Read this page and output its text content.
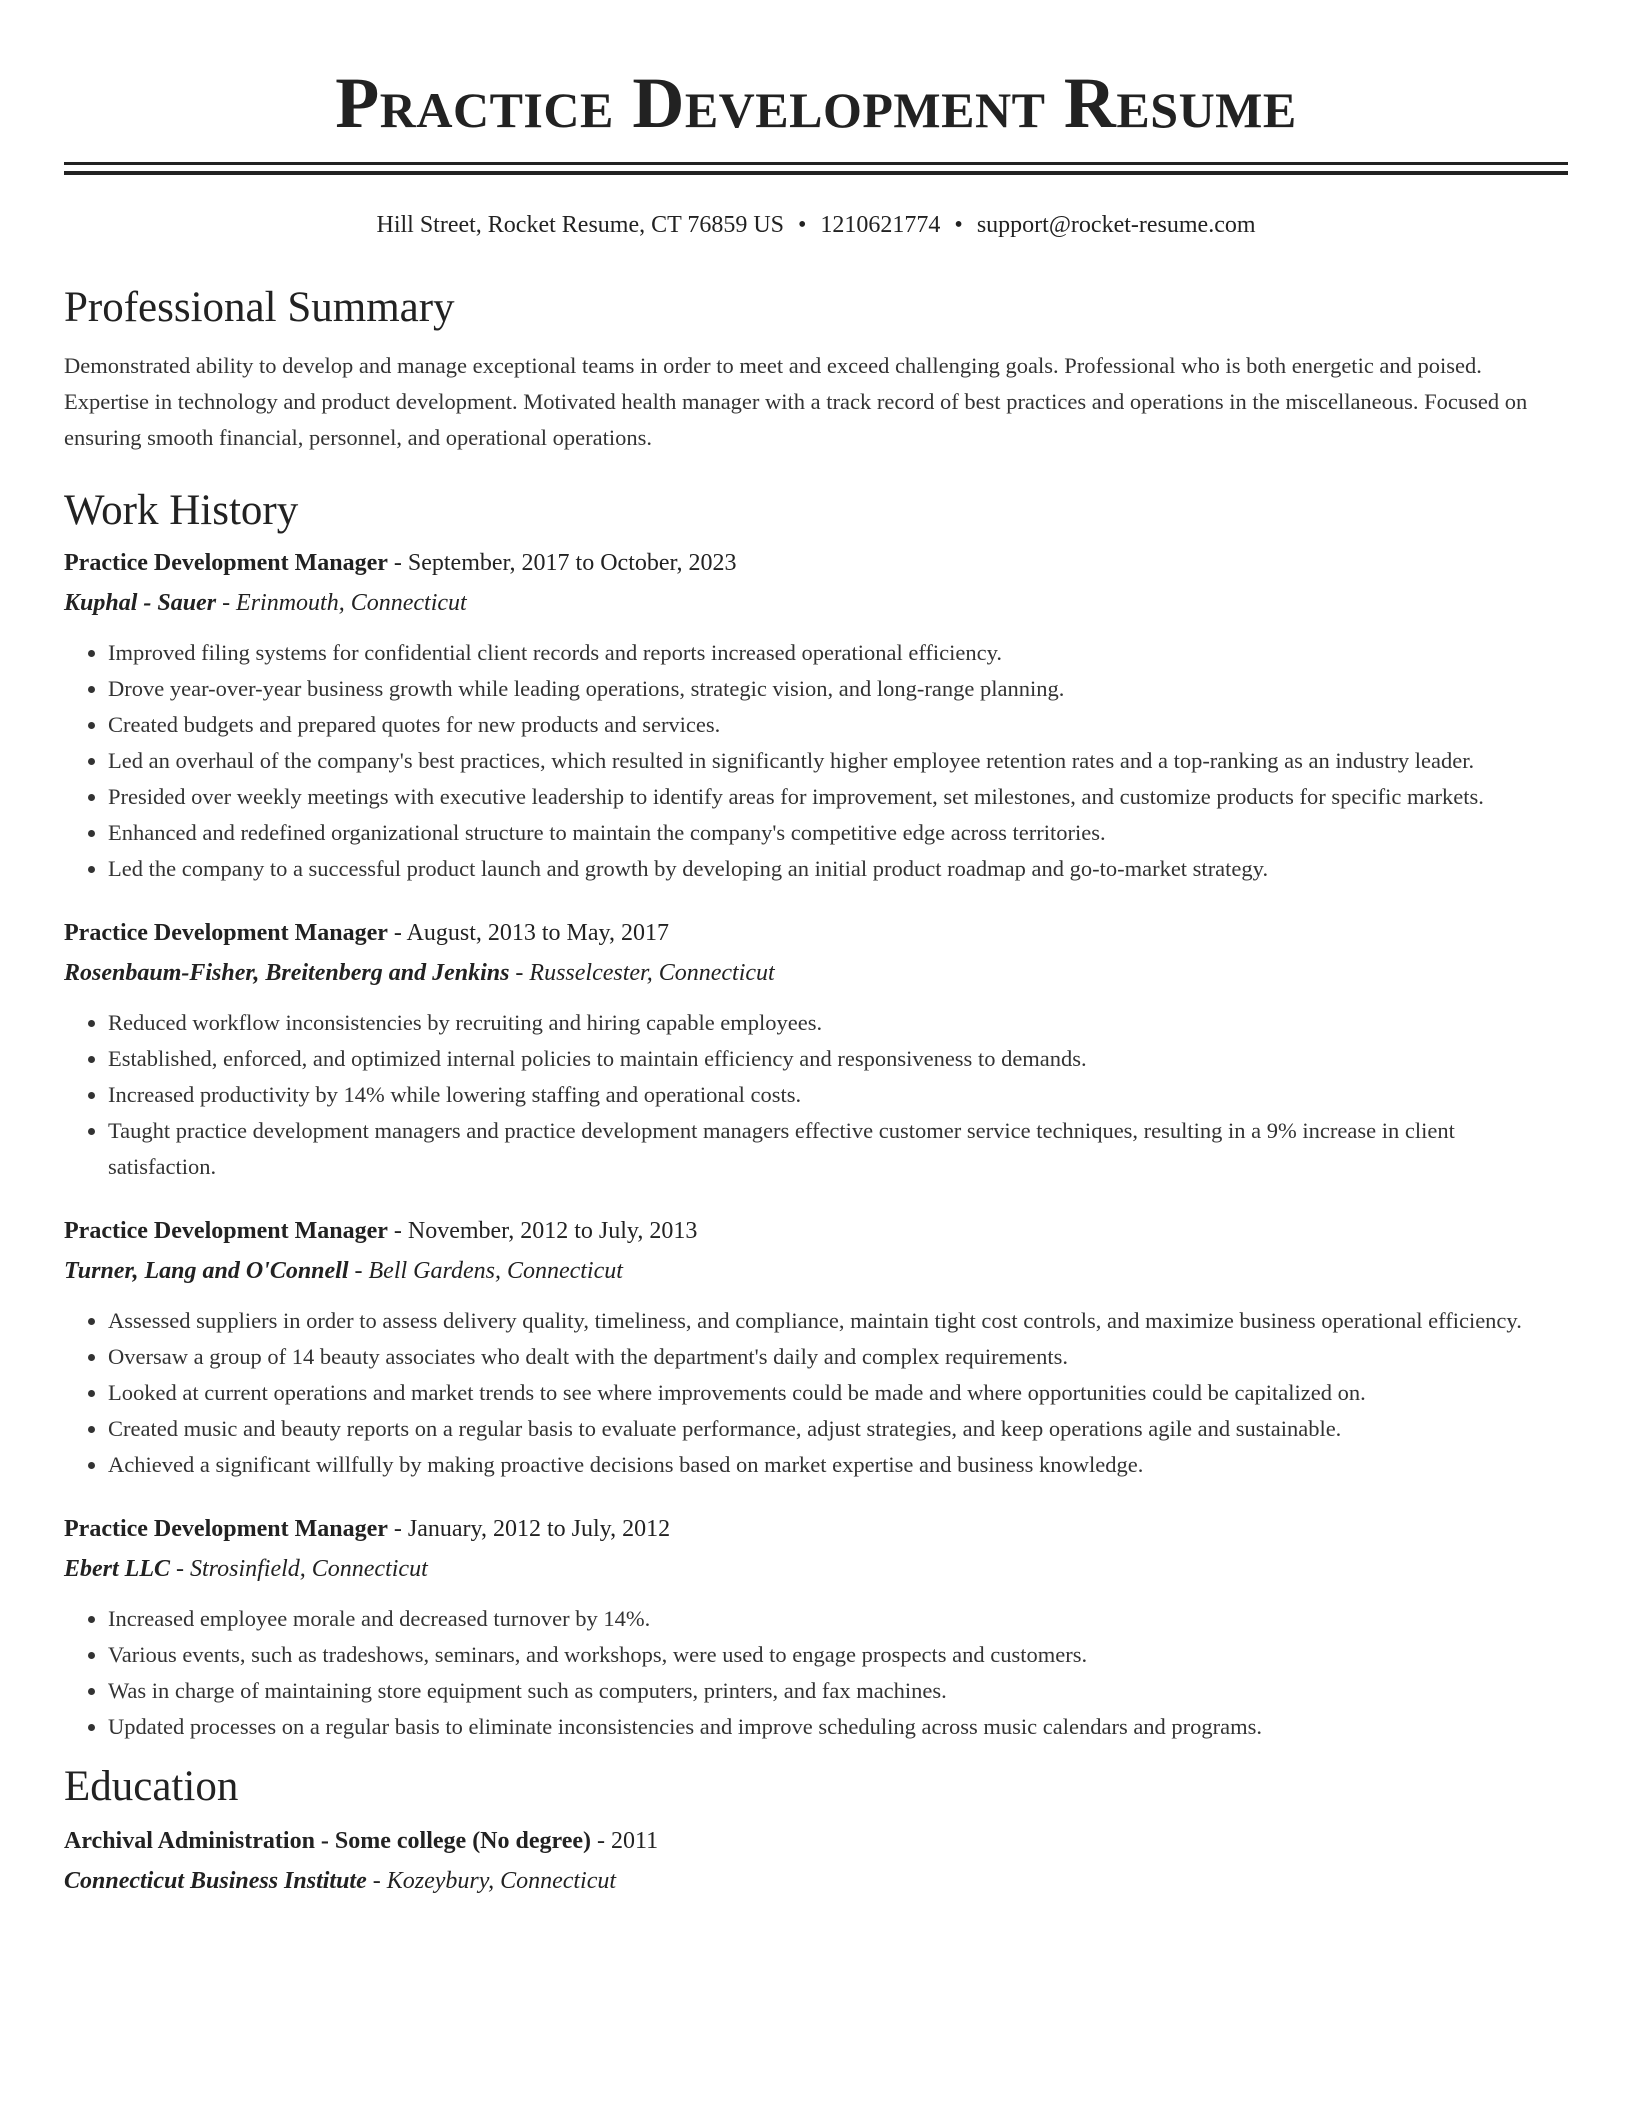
Practice Development Resume
Hill Street, Rocket Resume, CT 76859 US • 1210621774 • support@rocket-resume.com
Professional Summary
Demonstrated ability to develop and manage exceptional teams in order to meet and exceed challenging goals. Professional who is both energetic and poised. Expertise in technology and product development. Motivated health manager with a track record of best practices and operations in the miscellaneous. Focused on ensuring smooth financial, personnel, and operational operations.
Work History
Practice Development Manager - September, 2017 to October, 2023
Kuphal - Sauer - Erinmouth, Connecticut
• Improved filing systems for confidential client records and reports increased operational efficiency.
• Drove year-over-year business growth while leading operations, strategic vision, and long-range planning.
• Created budgets and prepared quotes for new products and services.
• Led an overhaul of the company's best practices, which resulted in significantly higher employee retention rates and a top-ranking as an industry leader.
• Presided over weekly meetings with executive leadership to identify areas for improvement, set milestones, and customize products for specific markets.
• Enhanced and redefined organizational structure to maintain the company's competitive edge across territories.
• Led the company to a successful product launch and growth by developing an initial product roadmap and go-to-market strategy.
Practice Development Manager - August, 2013 to May, 2017
Rosenbaum-Fisher, Breitenberg and Jenkins - Russelcester, Connecticut
• Reduced workflow inconsistencies by recruiting and hiring capable employees.
• Established, enforced, and optimized internal policies to maintain efficiency and responsiveness to demands.
• Increased productivity by 14% while lowering staffing and operational costs.
• Taught practice development managers and practice development managers effective customer service techniques, resulting in a 9% increase in client satisfaction.
Practice Development Manager - November, 2012 to July, 2013
Turner, Lang and O'Connell - Bell Gardens, Connecticut
• Assessed suppliers in order to assess delivery quality, timeliness, and compliance, maintain tight cost controls, and maximize business operational efficiency.
• Oversaw a group of 14 beauty associates who dealt with the department's daily and complex requirements.
• Looked at current operations and market trends to see where improvements could be made and where opportunities could be capitalized on.
• Created music and beauty reports on a regular basis to evaluate performance, adjust strategies, and keep operations agile and sustainable.
• Achieved a significant willfully by making proactive decisions based on market expertise and business knowledge.
Practice Development Manager - January, 2012 to July, 2012
Ebert LLC - Strosinfield, Connecticut
• Increased employee morale and decreased turnover by 14%.
• Various events, such as tradeshows, seminars, and workshops, were used to engage prospects and customers.
• Was in charge of maintaining store equipment such as computers, printers, and fax machines.
• Updated processes on a regular basis to eliminate inconsistencies and improve scheduling across music calendars and programs.
Education
Archival Administration - Some college (No degree) - 2011
Connecticut Business Institute - Kozeybury, Connecticut
